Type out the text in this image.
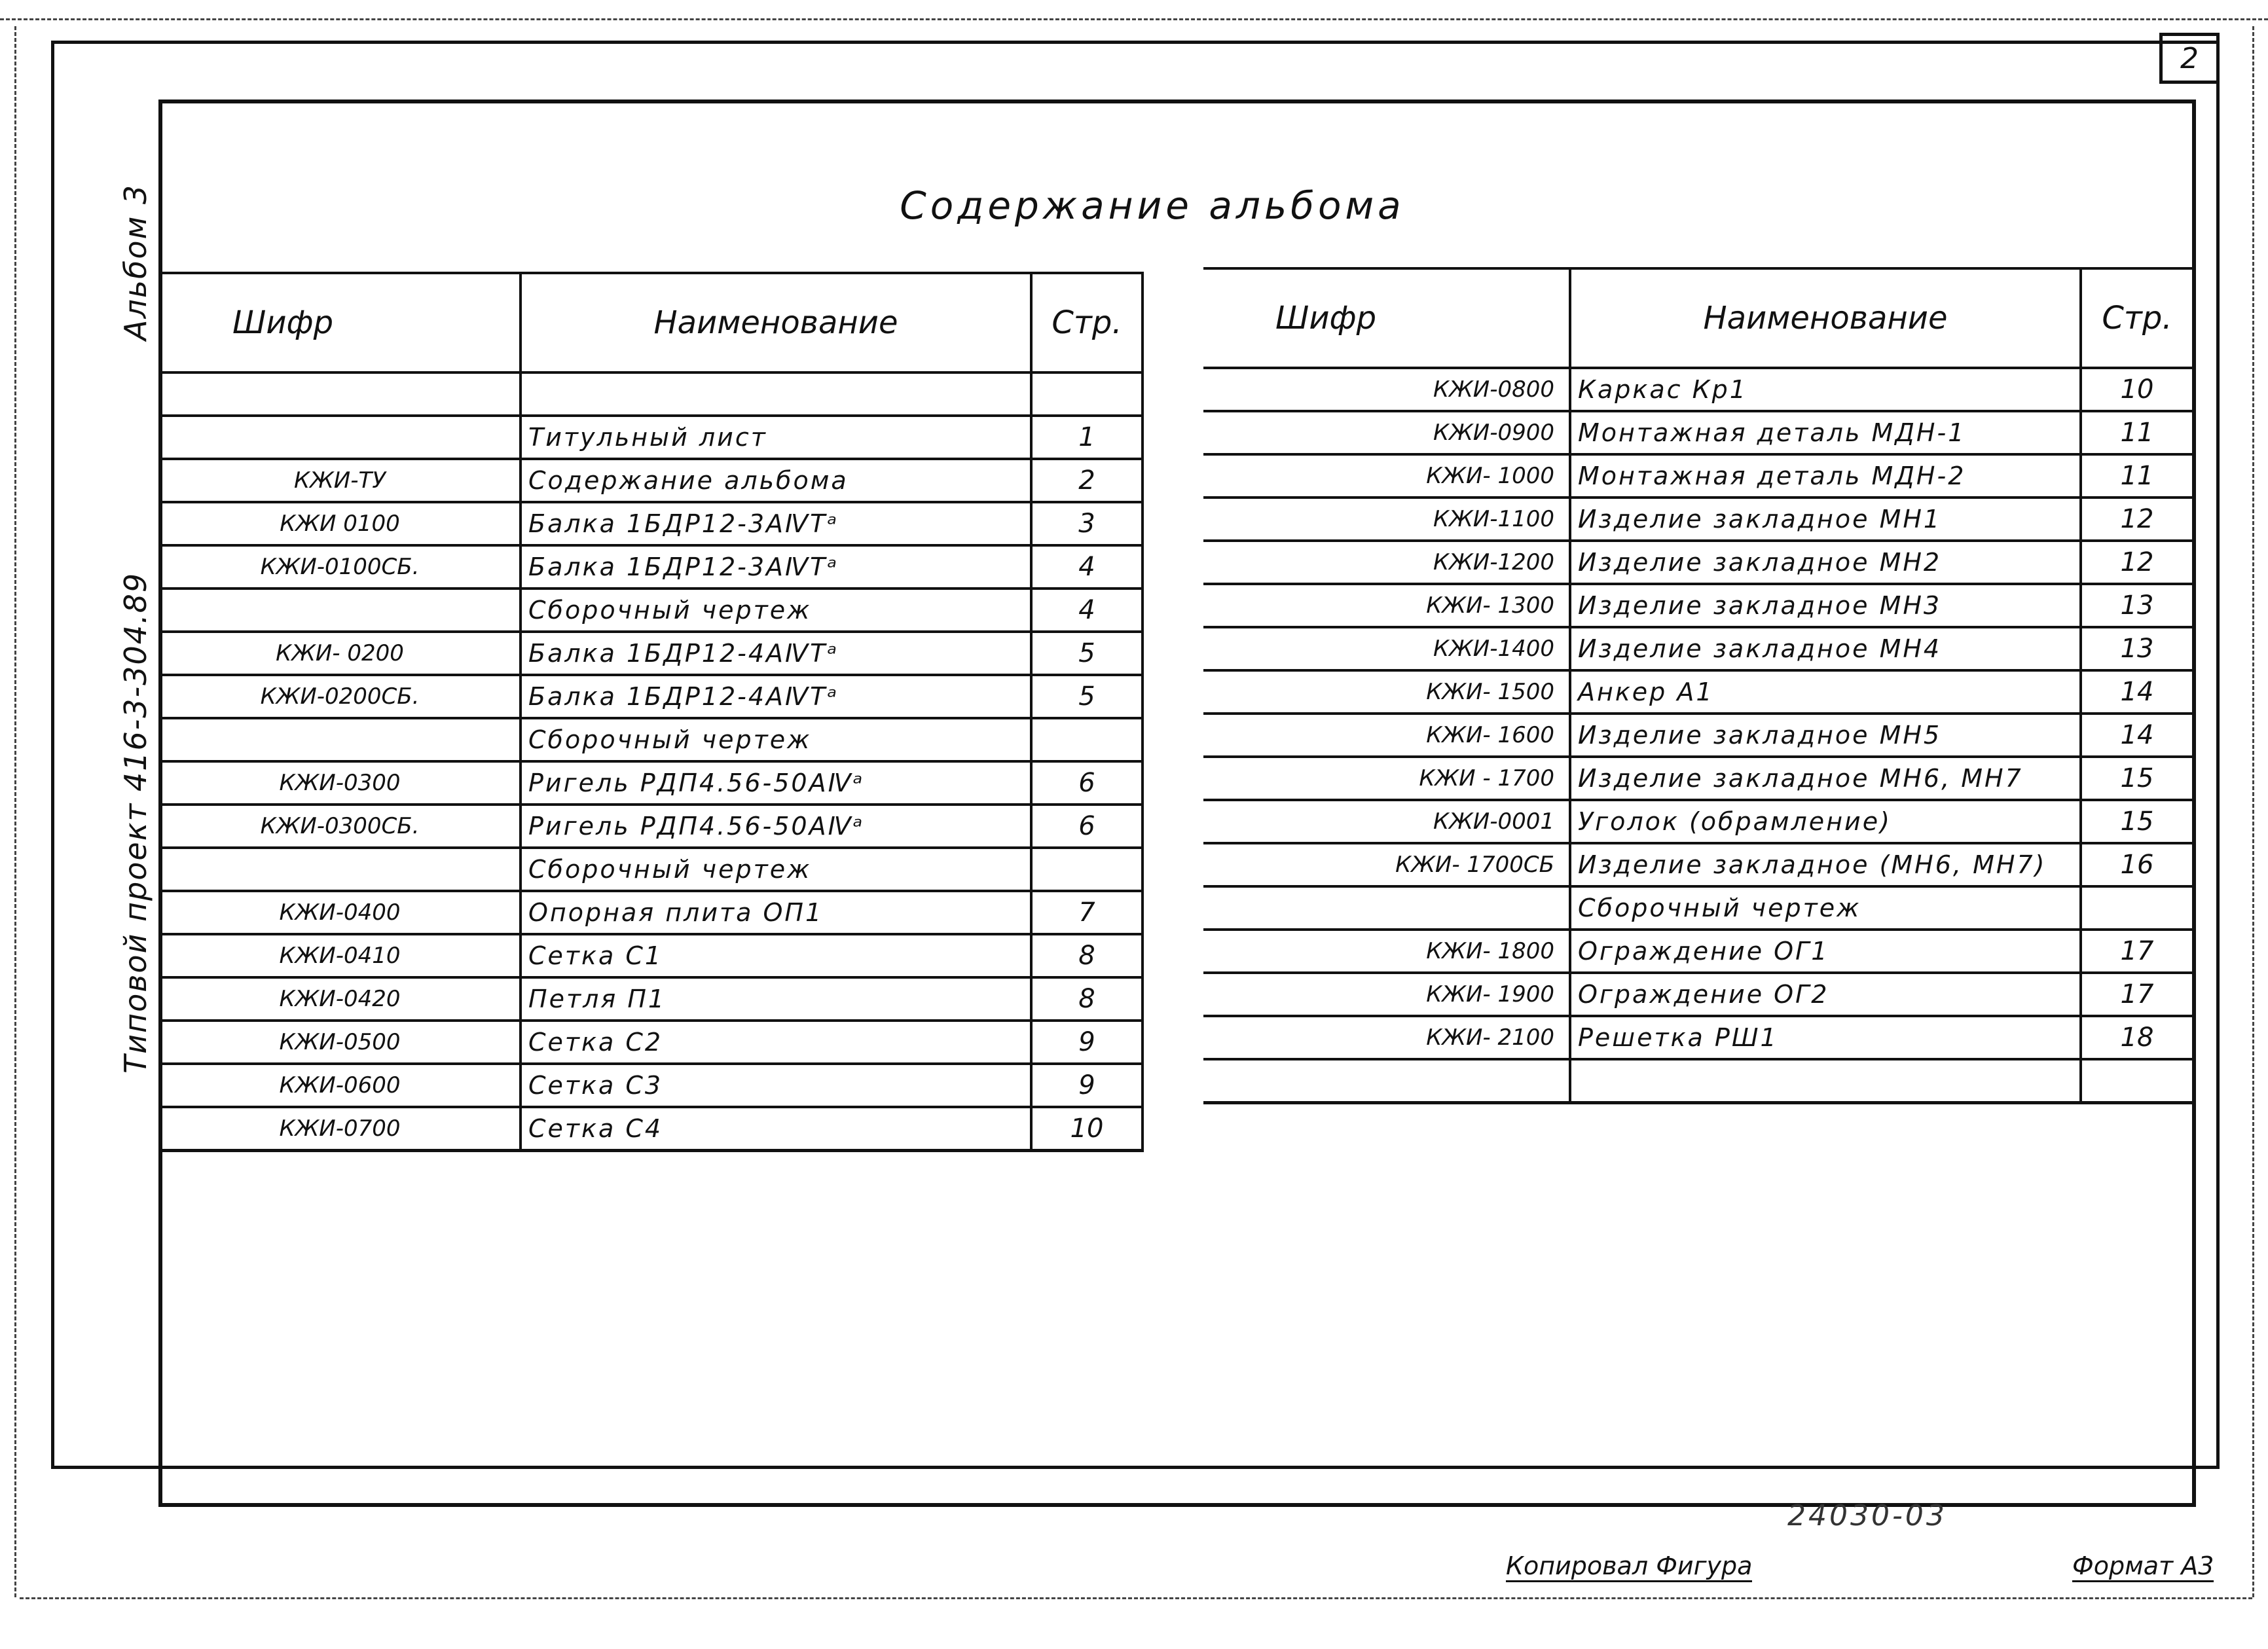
2
Альбом 3
Типовой проект 416-3-304.89
Содержание альбома
Шифр	Наименование	Стр.

	Титульный лист	1
КЖИ-ТУ	Содержание альбома	2
КЖИ 0100	Балка 1БДР12-3АⅣТᵃ	3
КЖИ-0100СБ.	Балка 1БДР12-3АⅣТᵃ	4
	Сборочный чертеж	4
КЖИ- 0200	Балка 1БДР12-4АⅣТᵃ	5
КЖИ-0200СБ.	Балка 1БДР12-4АⅣТᵃ	5
	Сборочный чертеж	
КЖИ-0300	Ригель РДП4.56-50АⅣᵃ	6
КЖИ-0300СБ.	Ригель РДП4.56-50АⅣᵃ	6
	Сборочный чертеж	
КЖИ-0400	Опорная плита ОП1	7
КЖИ-0410	Сетка С1	8
КЖИ-0420	Петля П1	8
КЖИ-0500	Сетка С2	9
КЖИ-0600	Сетка С3	9
КЖИ-0700	Сетка С4	10
Шифр	Наименование	Стр.
КЖИ-0800	Каркас Кр1	10
КЖИ-0900	Монтажная деталь МДН-1	11
КЖИ- 1000	Монтажная деталь МДН-2	11
КЖИ-1100	Изделие закладное МН1	12
КЖИ-1200	Изделие закладное МН2	12
КЖИ- 1300	Изделие закладное МН3	13
КЖИ-1400	Изделие закладное МН4	13
КЖИ- 1500	Анкер А1	14
КЖИ- 1600	Изделие закладное МН5	14
КЖИ - 1700	Изделие закладное МН6, МН7	15
КЖИ-0001	Уголок (обрамление)	15
КЖИ- 1700СБ	Изделие закладное (МН6, МН7)	16
	Сборочный чертеж	
КЖИ- 1800	Ограждение ОГ1	17
КЖИ- 1900	Ограждение ОГ2	17
КЖИ- 2100	Решетка РШ1	18

24030-03
Копировал Фигура	Формат А3
